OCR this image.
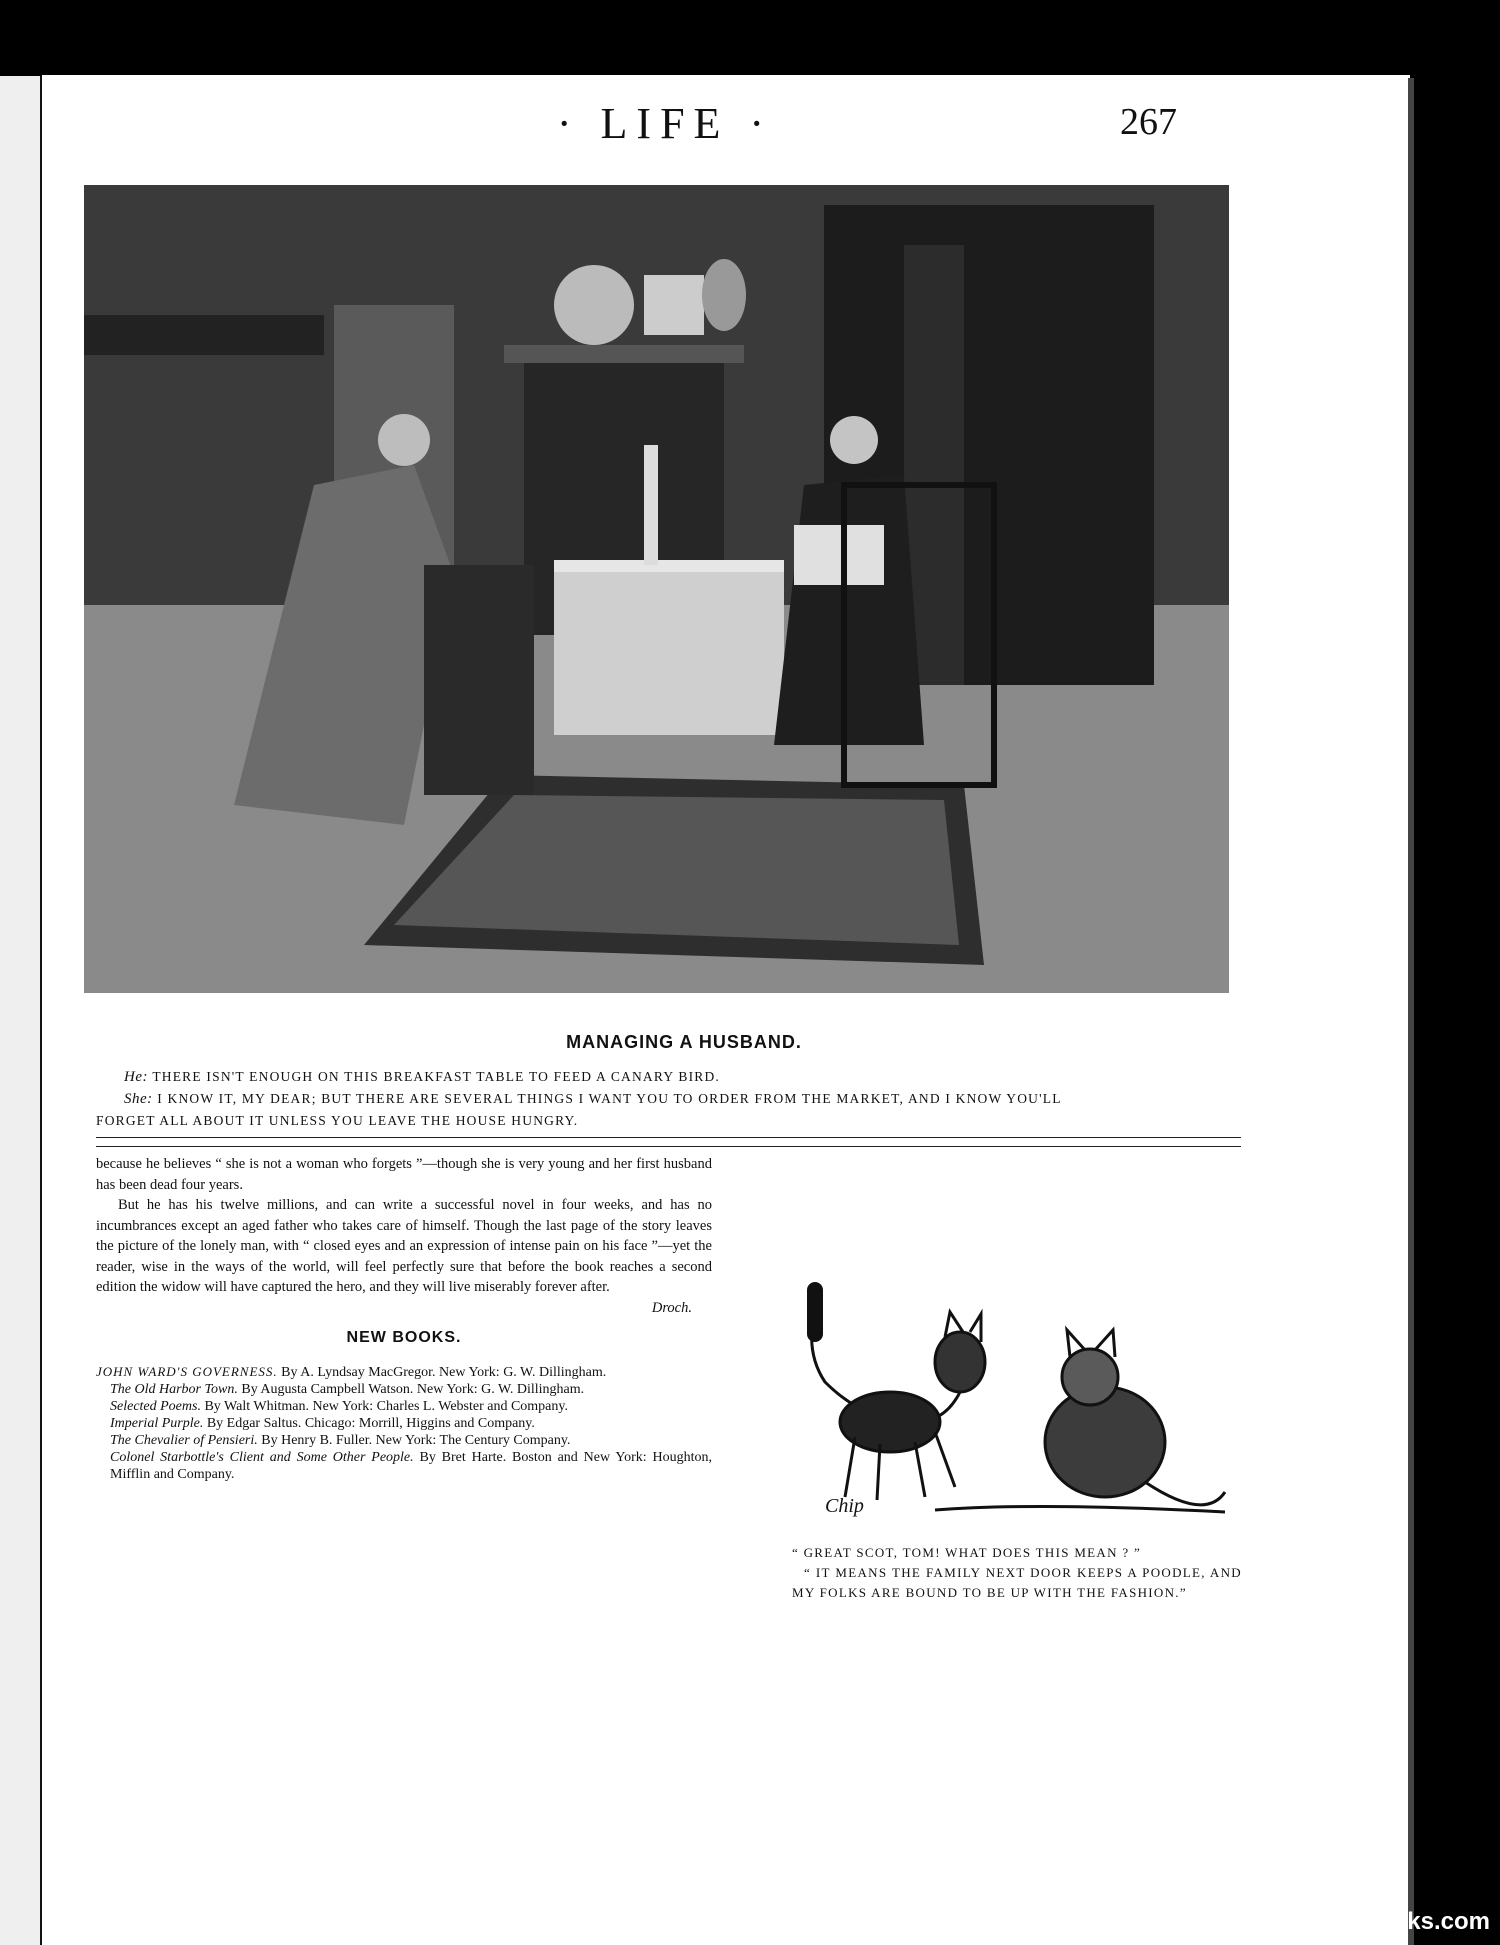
· LIFE ·	267
MANAGING A HUSBAND.

He: THERE ISN'T ENOUGH ON THIS BREAKFAST TABLE TO FEED A CANARY BIRD.

She: I KNOW IT, MY DEAR; BUT THERE ARE SEVERAL THINGS I WANT YOU TO ORDER FROM THE MARKET, AND I KNOW YOU'LL

FORGET ALL ABOUT IT UNLESS YOU LEAVE THE HOUSE HUNGRY.

because he believes “ she is not a woman who forgets ”—though she is very young and her first husband has been dead four years.

But he has his twelve millions, and can write a successful novel in four weeks, and has no incumbrances except an aged father who takes care of himself. Though the last page of the story leaves the picture of the lonely man, with “ closed eyes and an expression of intense pain on his face ”—yet the reader, wise in the ways of the world, will feel perfectly sure that before the book reaches a second edition the widow will have captured the hero, and they will live miserably forever after.

Droch.

NEW BOOKS.

JOHN WARD'S GOVERNESS. By A. Lyndsay MacGregor. New York: G. W. Dillingham.

The Old Harbor Town. By Augusta Campbell Watson. New York: G. W. Dillingham.

Selected Poems. By Walt Whitman. New York: Charles L. Webster and Company.

Imperial Purple. By Edgar Saltus. Chicago: Morrill, Higgins and Company.

The Chevalier of Pensieri. By Henry B. Fuller. New York: The Century Company.

Colonel Starbottle's Client and Some Other People. By Bret Harte. Boston and New York: Houghton, Mifflin and Company.

Chip

“ GREAT SCOT, TOM! WHAT DOES THIS MEAN ? ”

“ IT MEANS THE FAMILY NEXT DOOR KEEPS A POODLE, AND MY FOLKS ARE BOUND TO BE UP WITH THE FASHION.”

comicbooks.com
